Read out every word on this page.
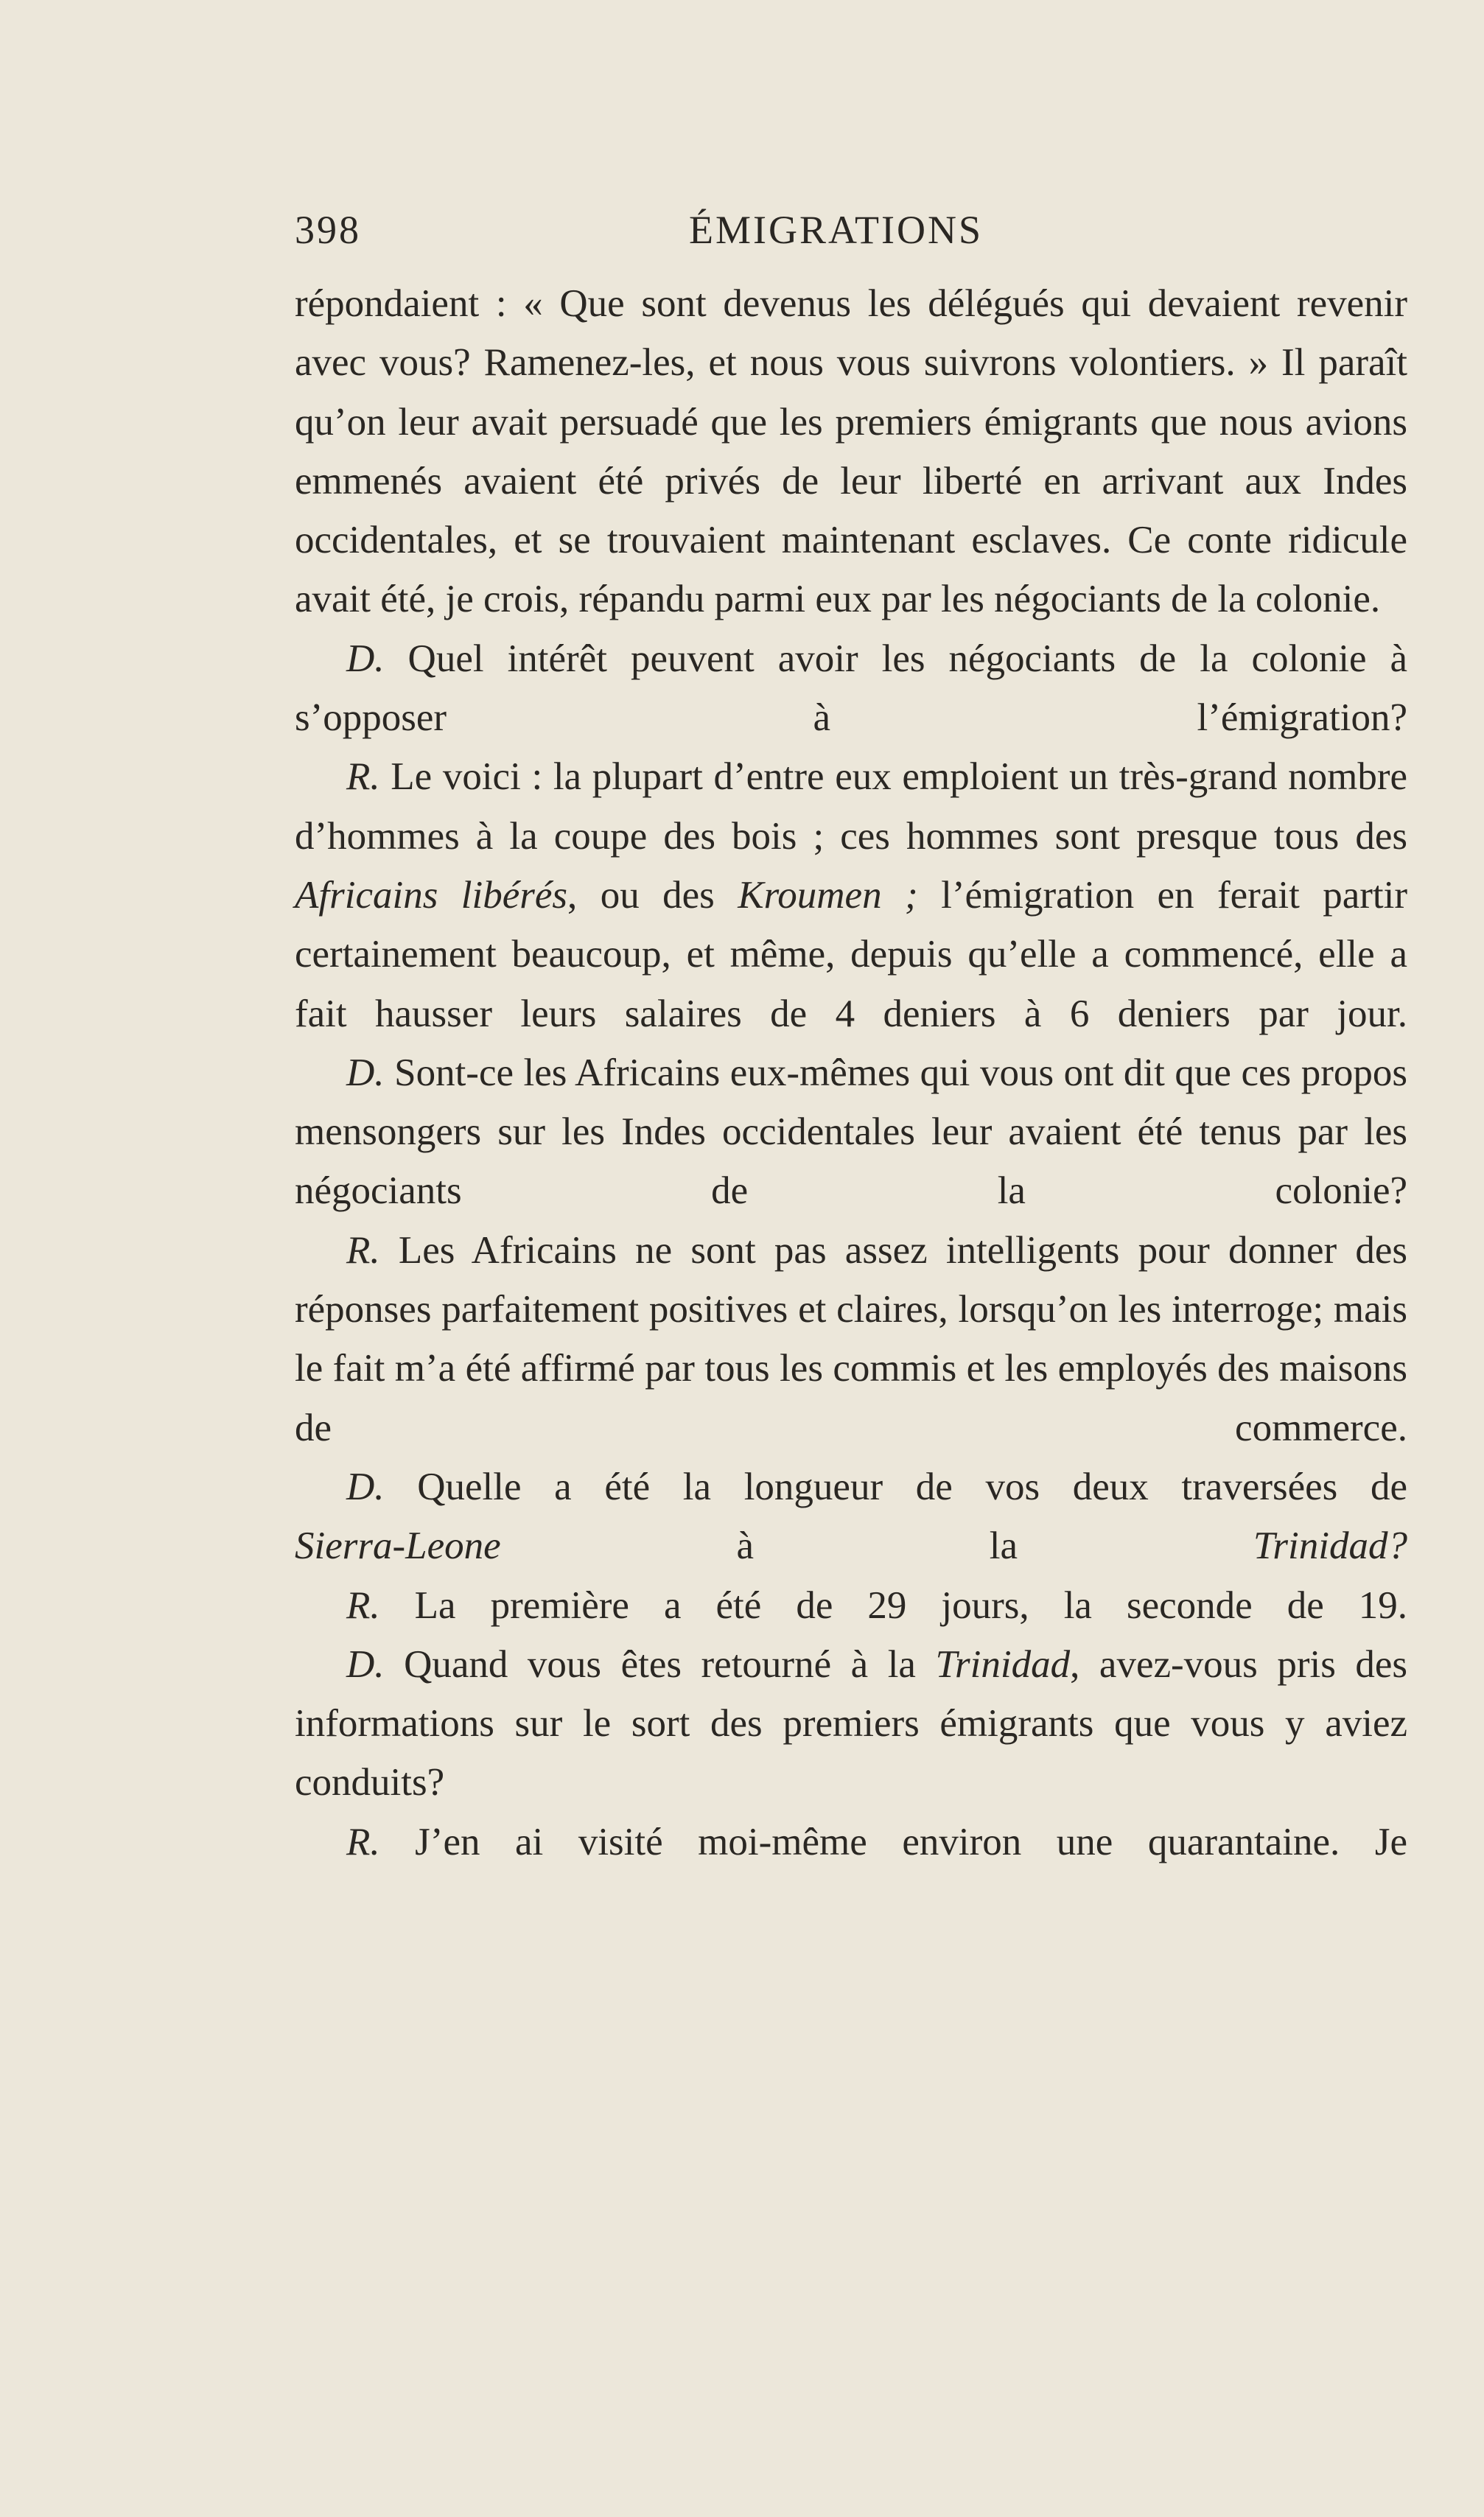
398	ÉMIGRATIONS

répondaient : « Que sont devenus les délégués qui devaient revenir avec vous? Ramenez-les, et nous vous suivrons volontiers. » Il paraît qu’on leur avait persuadé que les premiers émigrants que nous avions emmenés avaient été privés de leur liberté en arrivant aux Indes occidentales, et se trouvaient maintenant esclaves. Ce conte ridicule avait été, je crois, répandu parmi eux par les négociants de la colonie.

D. Quel intérêt peuvent avoir les négociants de la colonie à s’opposer à l’émigration?

R. Le voici : la plupart d’entre eux emploient un très-grand nombre d’hommes à la coupe des bois ; ces hommes sont presque tous des Africains libérés, ou des Kroumen ; l’émigration en ferait partir certainement beaucoup, et même, depuis qu’elle a commencé, elle a fait hausser leurs salaires de 4 deniers à 6 deniers par jour.

D. Sont-ce les Africains eux-mêmes qui vous ont dit que ces propos mensongers sur les Indes occidentales leur avaient été tenus par les négociants de la colonie?

R. Les Africains ne sont pas assez intelligents pour donner des réponses parfaitement positives et claires, lorsqu’on les interroge; mais le fait m’a été affirmé par tous les commis et les employés des maisons de commerce.

D. Quelle a été la longueur de vos deux traversées de
Sierra-Leone	à la	Trinidad?

R. La première a été de 29 jours, la seconde de 19.

D. Quand vous êtes retourné à la Trinidad, avez-vous pris des informations sur le sort des premiers émigrants que vous y aviez conduits?

R. J’en ai visité moi-même environ une quarantaine. Je
